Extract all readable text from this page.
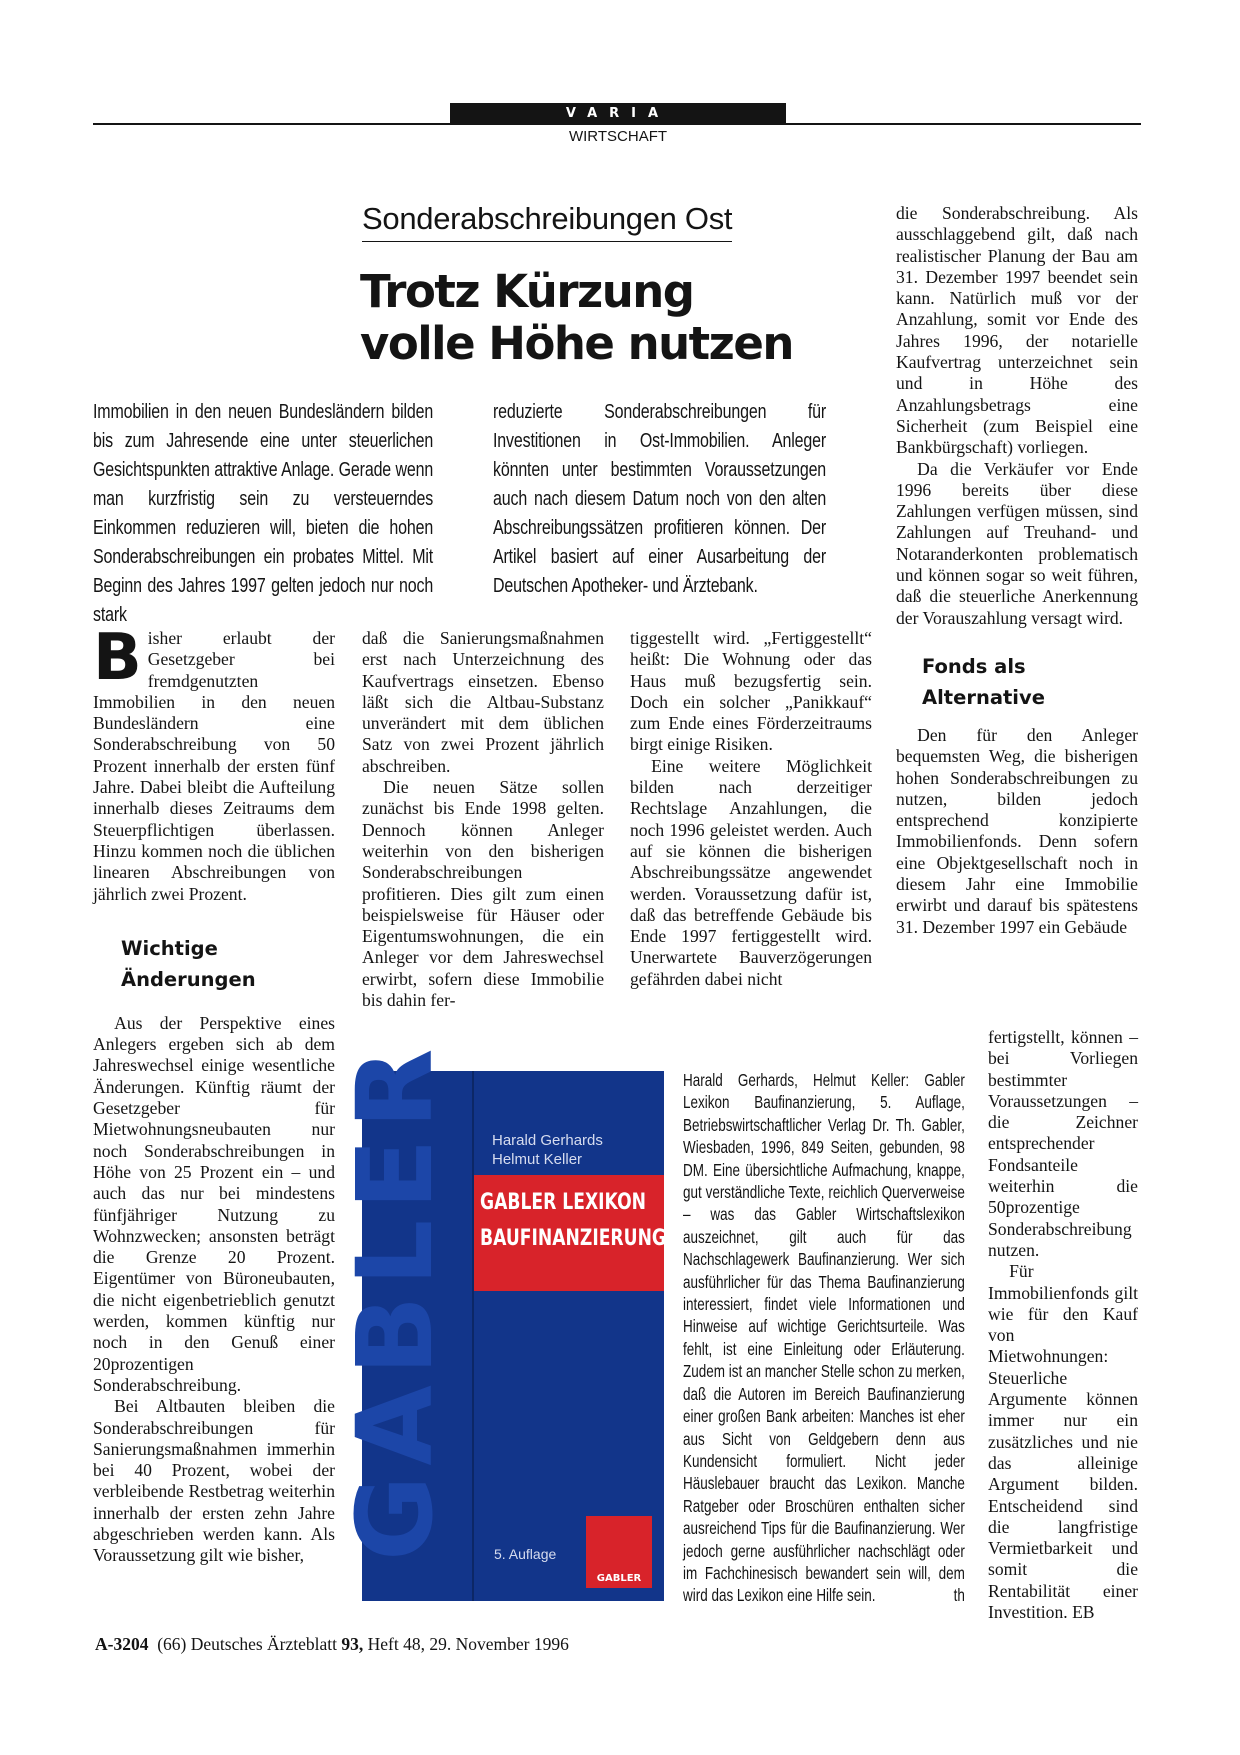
VARIA
WIRTSCHAFT
Sonderabschreibungen Ost
Trotz Kürzung
volle Höhe nutzen
Immobilien in den neuen Bundesländern bilden bis zum Jahresende eine unter steuerlichen Gesichtspunkten attraktive Anlage. Gerade wenn man kurzfristig sein zu versteuerndes Einkommen reduzieren will, bieten die hohen Sonderabschreibungen ein probates Mittel. Mit Beginn des Jahres 1997 gelten jedoch nur noch stark
reduzierte Sonderabschreibungen für Investitionen in Ost-Immobilien. Anleger könnten unter bestimmten Voraussetzungen auch nach diesem Datum noch von den alten Abschreibungssätzen profitieren können. Der Artikel basiert auf einer Ausarbeitung der Deutschen Apotheker- und Ärztebank.

Bisher erlaubt der Gesetzgeber bei fremdgenutzten Immobilien in den neuen Bundesländern eine Sonderabschreibung von 50 Prozent innerhalb der ersten fünf Jahre. Dabei bleibt die Aufteilung innerhalb dieses Zeitraums dem Steuerpflichtigen überlassen. Hinzu kommen noch die üblichen linearen Abschreibungen von jährlich zwei Prozent.

Wichtige Änderungen

Aus der Perspektive eines Anlegers ergeben sich ab dem Jahreswechsel einige wesentliche Änderungen. Künftig räumt der Gesetzgeber für Mietwohnungsneubauten nur noch Sonderabschreibungen in Höhe von 25 Prozent ein – und auch das nur bei mindestens fünfjähriger Nutzung zu Wohnzwecken; ansonsten beträgt die Grenze 20 Prozent. Eigentümer von Büroneubauten, die nicht eigenbetrieblich genutzt werden, kommen künftig nur noch in den Genuß einer 20prozentigen Sonderabschreibung.

Bei Altbauten bleiben die Sonderabschreibungen für Sanierungsmaßnahmen immerhin bei 40 Prozent, wobei der verbleibende Restbetrag weiterhin innerhalb der ersten zehn Jahre abgeschrieben werden kann. Als Voraussetzung gilt wie bisher,

daß die Sanierungsmaßnahmen erst nach Unterzeichnung des Kaufvertrags einsetzen. Ebenso läßt sich die Altbau-Substanz unverändert mit dem üblichen Satz von zwei Prozent jährlich abschreiben.

Die neuen Sätze sollen zunächst bis Ende 1998 gelten. Dennoch können Anleger weiterhin von den bisherigen Sonderabschreibungen profitieren. Dies gilt zum einen beispielsweise für Häuser oder Eigentumswohnungen, die ein Anleger vor dem Jahreswechsel erwirbt, sofern diese Immobilie bis dahin fer-

tiggestellt wird. „Fertiggestellt“ heißt: Die Wohnung oder das Haus muß bezugsfertig sein. Doch ein solcher „Panikkauf“ zum Ende eines Förderzeitraums birgt einige Risiken.

Eine weitere Möglichkeit bilden nach derzeitiger Rechtslage Anzahlungen, die noch 1996 geleistet werden. Auch auf sie können die bisherigen Abschreibungssätze angewendet werden. Voraussetzung dafür ist, daß das betreffende Gebäude bis Ende 1997 fertiggestellt wird. Unerwartete Bauverzögerungen gefährden dabei nicht

die Sonderabschreibung. Als ausschlaggebend gilt, daß nach realistischer Planung der Bau am 31. Dezember 1997 beendet sein kann. Natürlich muß vor der Anzahlung, somit vor Ende des Jahres 1996, der notarielle Kaufvertrag unterzeichnet sein und in Höhe des Anzahlungsbetrags eine Sicherheit (zum Beispiel eine Bankbürgschaft) vorliegen.

Da die Verkäufer vor Ende 1996 bereits über diese Zahlungen verfügen müssen, sind Zahlungen auf Treuhand- und Notaranderkonten problematisch und können sogar so weit führen, daß die steuerliche Anerkennung der Vorauszahlung versagt wird.

Fonds als Alternative

Den für den Anleger bequemsten Weg, die bisherigen hohen Sonderabschreibungen zu nutzen, bilden jedoch entsprechend konzipierte Immobilienfonds. Denn sofern eine Objektgesellschaft noch in diesem Jahr eine Immobilie erwirbt und darauf bis spätestens 31. Dezember 1997 ein Gebäude

fertigstellt, können – bei Vorliegen bestimmter Voraussetzungen – die Zeichner entsprechender Fondsanteile weiterhin die 50prozentige Sonderabschreibung nutzen.

Für Immobilienfonds gilt wie für den Kauf von Mietwohnungen: Steuerliche Argumente können immer nur ein zusätzliches und nie das alleinige Argument bilden. Entscheidend sind die langfristige Vermietbarkeit und somit die Rentabilität einer Investition. EB

GABLER Harald Gerhards
Helmut Keller
GABLER LEXIKON
BAUFINANZIERUNG
5. Auflage
GABLER
Harald Gerhards, Helmut Keller: Gabler Lexikon Baufinanzierung, 5. Auflage, Betriebswirtschaftlicher Verlag Dr. Th. Gabler, Wiesbaden, 1996, 849 Seiten, gebunden, 98 DM. Eine übersichtliche Aufmachung, knappe, gut verständliche Texte, reichlich Querverweise – was das Gabler Wirtschaftslexikon auszeichnet, gilt auch für das Nachschlagewerk Baufinanzierung. Wer sich ausführlicher für das Thema Baufinanzierung interessiert, findet viele Informationen und Hinweise auf wichtige Gerichtsurteile. Was fehlt, ist eine Einleitung oder Erläuterung. Zudem ist an mancher Stelle schon zu merken, daß die Autoren im Bereich Baufinanzierung einer großen Bank arbeiten: Manches ist eher aus Sicht von Geldgebern denn aus Kundensicht formuliert. Nicht jeder Häuslebauer braucht das Lexikon. Manche Ratgeber oder Broschüren enthalten sicher ausreichend Tips für die Baufinanzierung. Wer jedoch gerne ausführlicher nachschlägt oder im Fachchinesisch bewandert sein will, dem wird das Lexikon eine Hilfe sein.	th
A-3204 (66) Deutsches Ärzteblatt 93, Heft 48, 29. November 1996
